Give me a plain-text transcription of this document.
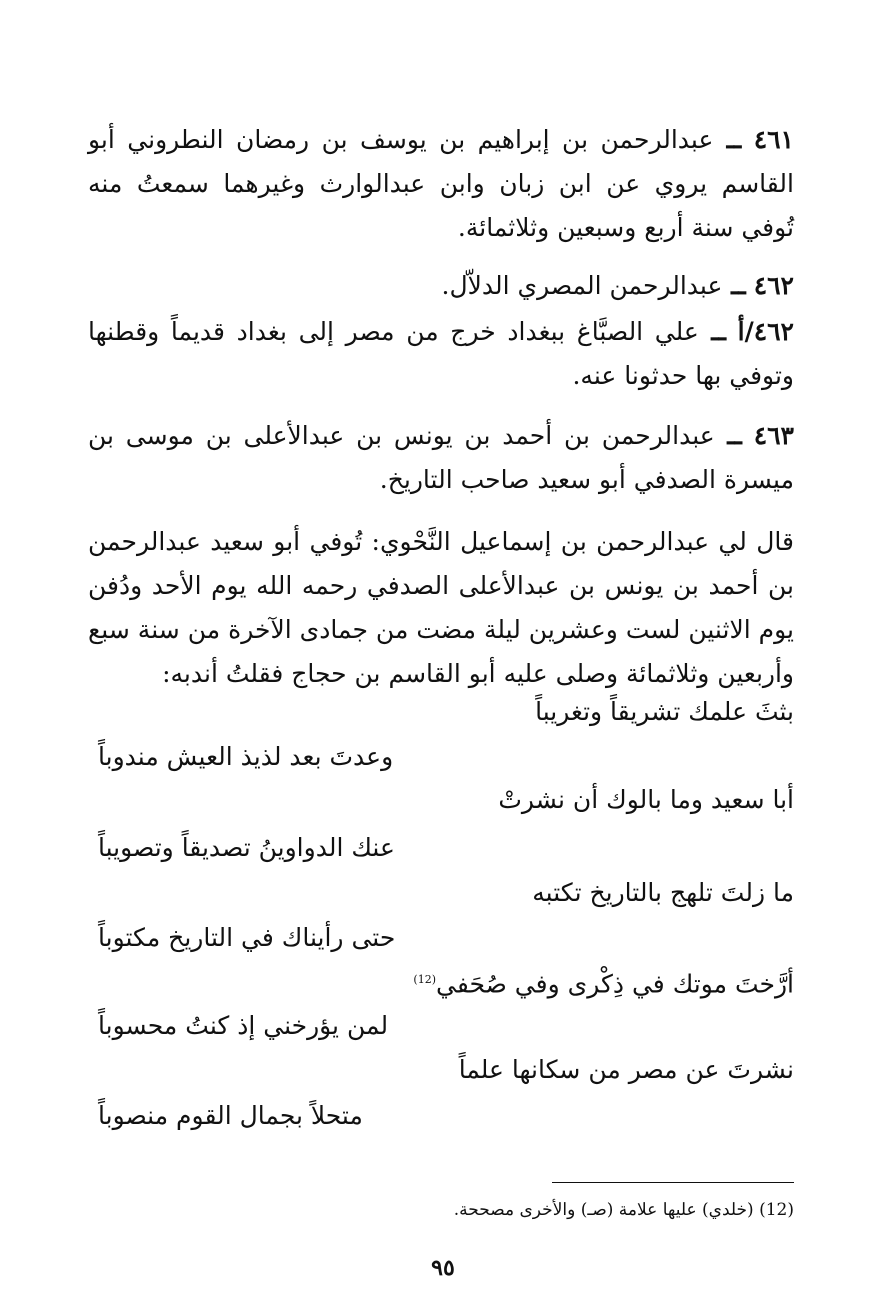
٤٦١ ــ عبدالرحمن بن إبراهيم بن يوسف بن رمضان النطروني أبو القاسم يروي عن ابن زبان وابن عبدالوارث وغيرهما سمعتُ منه تُوفي سنة أربع وسبعين وثلاثمائة.
٤٦٢ ــ عبدالرحمن المصري الدلاّل.
٤٦٢/أ ــ علي الصبَّاغ ببغداد خرج من مصر إلى بغداد قديماً وقطنها وتوفي بها حدثونا عنه.
٤٦٣ ــ عبدالرحمن بن أحمد بن يونس بن عبدالأعلى بن موسى بن ميسرة الصدفي أبو سعيد صاحب التاريخ.
قال لي عبدالرحمن بن إسماعيل النَّحْوي: تُوفي أبو سعيد عبدالرحمن بن أحمد بن يونس بن عبدالأعلى الصدفي رحمه الله يوم الأحد ودُفن يوم الاثنين لست وعشرين ليلة مضت من جمادى الآخرة من سنة سبع وأربعين وثلاثمائة وصلى عليه أبو القاسم بن حجاج فقلتُ أندبه:
بثثَ علمك تشريقاً وتغريباً
وعدتَ بعد لذيذ العيش مندوباً
أبا سعيد وما بالوك أن نشرتْ
عنك الدواوينُ تصديقاً وتصويباً
ما زلتَ تلهج بالتاريخ تكتبه
حتى رأيناك في التاريخ مكتوباً
أرَّختَ موتك في ذِكْرى وفي صُحَفي$^{(12)}$
لمن يؤرخني إذ كنتُ محسوباً
نشرتَ عن مصر من سكانها علماً
متحلاً بجمال القوم منصوباً
(12) (خلدي) عليها علامة (صـ) والأخرى مصححة.
٩٥
